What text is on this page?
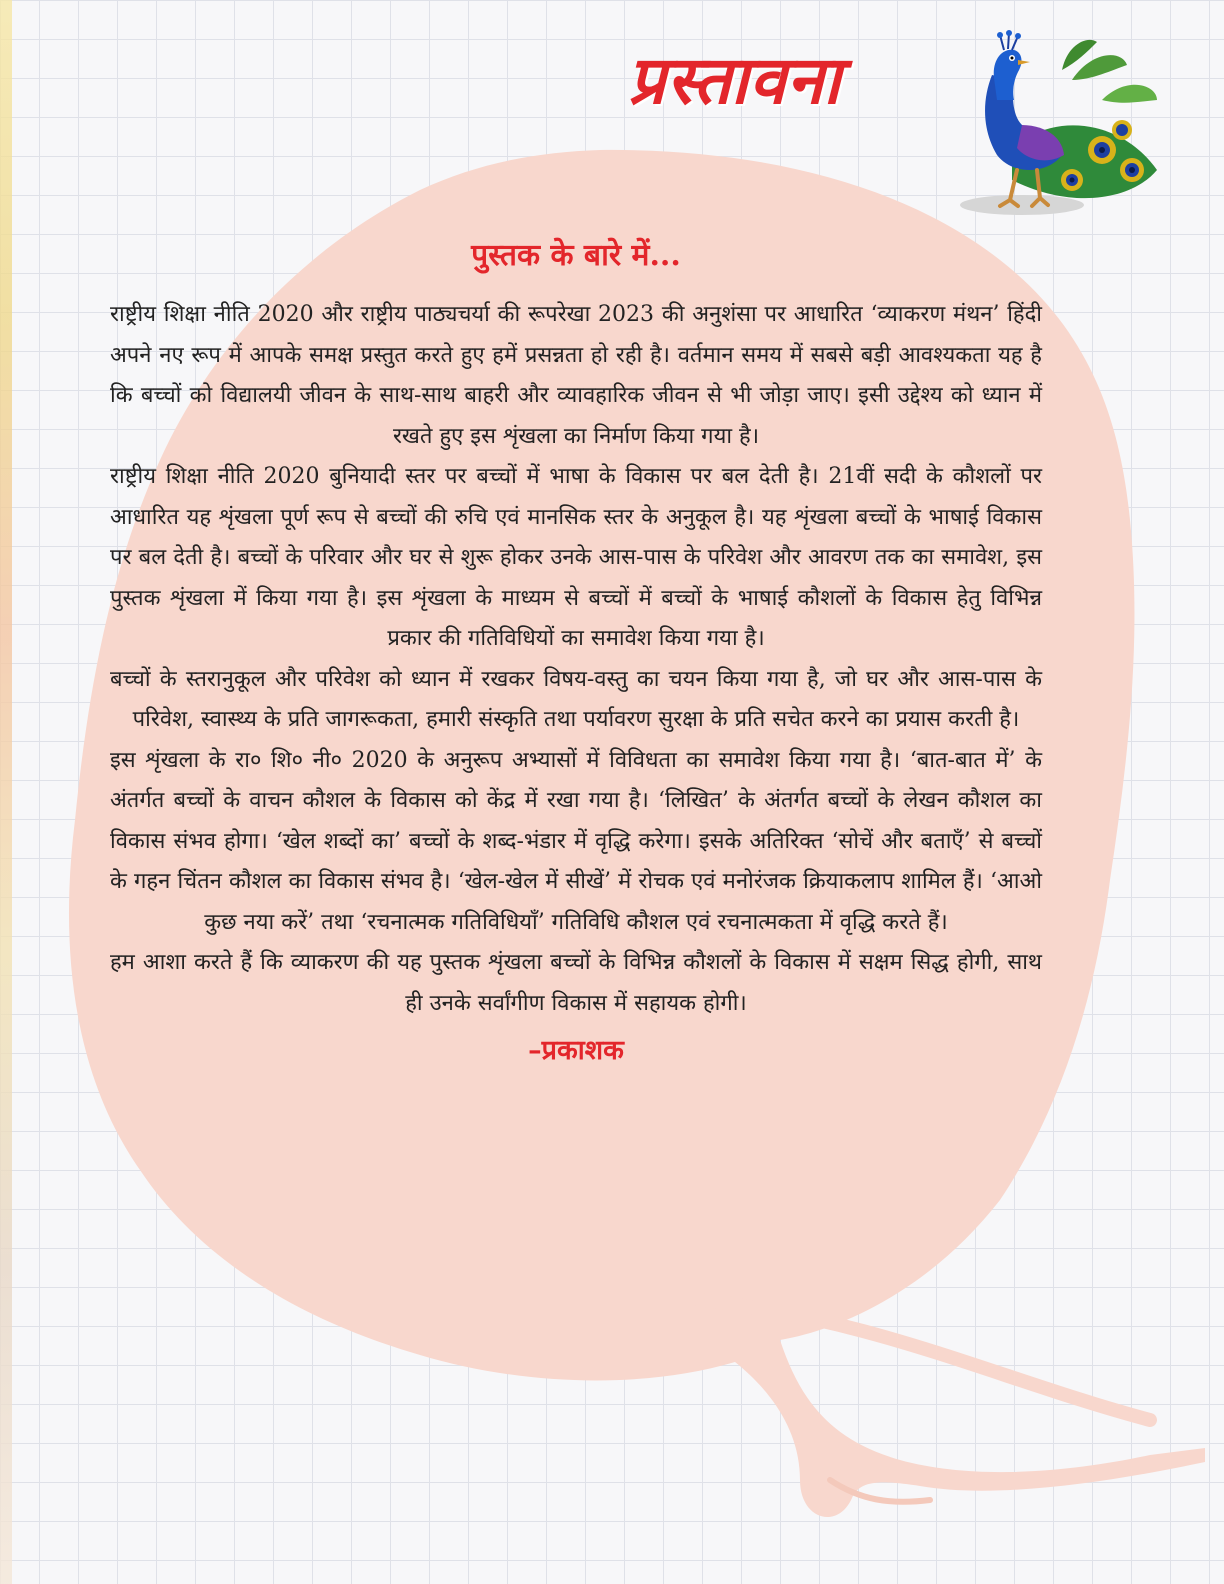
प्रस्तावना
पुस्तक के बारे में...

राष्ट्रीय शिक्षा नीति 2020 और राष्ट्रीय पाठ्यचर्या की रूपरेखा 2023 की अनुशंसा पर आधारित ‘व्याकरण मंथन’ हिंदी अपने नए रूप में आपके समक्ष प्रस्तुत करते हुए हमें प्रसन्नता हो रही है। वर्तमान समय में सबसे बड़ी आवश्यकता यह है कि बच्चों को विद्यालयी जीवन के साथ-साथ बाहरी और व्यावहारिक जीवन से भी जोड़ा जाए। इसी उद्देश्य को ध्यान में रखते हुए इस शृंखला का निर्माण किया गया है।

राष्ट्रीय शिक्षा नीति 2020 बुनियादी स्तर पर बच्चों में भाषा के विकास पर बल देती है। 21वीं सदी के कौशलों पर आधारित यह शृंखला पूर्ण रूप से बच्चों की रुचि एवं मानसिक स्तर के अनुकूल है। यह शृंखला बच्चों के भाषाई विकास पर बल देती है। बच्चों के परिवार और घर से शुरू होकर उनके आस-पास के परिवेश और आवरण तक का समावेश, इस पुस्तक शृंखला में किया गया है। इस शृंखला के माध्यम से बच्चों में बच्चों के भाषाई कौशलों के विकास हेतु विभिन्न प्रकार की गतिविधियों का समावेश किया गया है।

बच्चों के स्तरानुकूल और परिवेश को ध्यान में रखकर विषय-वस्तु का चयन किया गया है, जो घर और आस-पास के परिवेश, स्वास्थ्य के प्रति जागरूकता, हमारी संस्कृति तथा पर्यावरण सुरक्षा के प्रति सचेत करने का प्रयास करती है।

इस शृंखला के रा० शि० नी० 2020 के अनुरूप अभ्यासों में विविधता का समावेश किया गया है। ‘बात-बात में’ के अंतर्गत बच्चों के वाचन कौशल के विकास को केंद्र में रखा गया है। ‘लिखित’ के अंतर्गत बच्चों के लेखन कौशल का विकास संभव होगा। ‘खेल शब्दों का’ बच्चों के शब्द-भंडार में वृद्धि करेगा। इसके अतिरिक्त ‘सोचें और बताएँ’ से बच्चों के गहन चिंतन कौशल का विकास संभव है। ‘खेल-खेल में सीखें’ में रोचक एवं मनोरंजक क्रियाकलाप शामिल हैं। ‘आओ कुछ नया करें’ तथा ‘रचनात्मक गतिविधियाँ’ गतिविधि कौशल एवं रचनात्मकता में वृद्धि करते हैं।

हम आशा करते हैं कि व्याकरण की यह पुस्तक शृंखला बच्चों के विभिन्न कौशलों के विकास में सक्षम सिद्ध होगी, साथ ही उनके सर्वांगीण विकास में सहायक होगी।

–प्रकाशक
